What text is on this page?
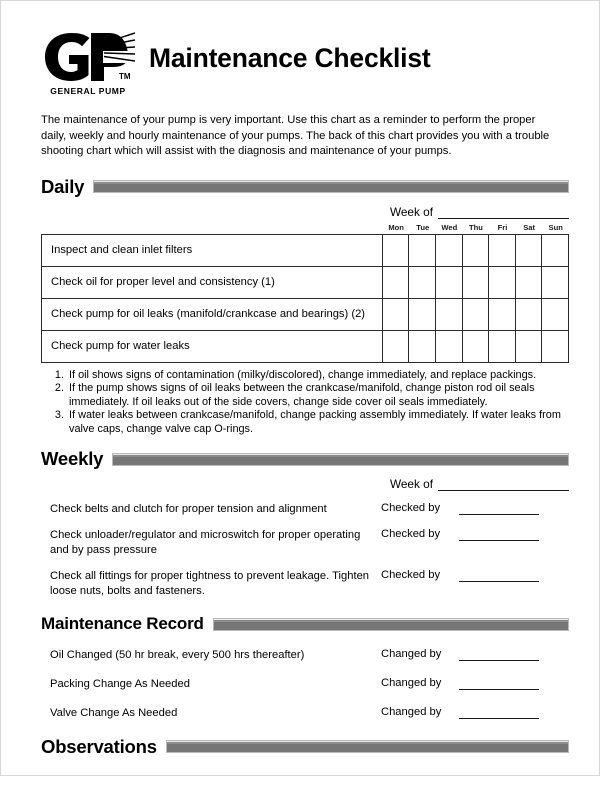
TM
GENERAL PUMP
Maintenance Checklist
The maintenance of your pump is very important. Use this chart as a reminder to perform the proper daily, weekly and hourly maintenance of your pumps. The back of this chart provides you with a trouble shooting chart which will assist with the diagnosis and maintenance of your pumps.
Daily
Week of
Mon	Tue	Wed	Thu	Fri	Sat	Sun
Inspect and clean inlet filters							
Check oil for proper level and consistency (1)							
Check pump for oil leaks (manifold/crankcase and bearings) (2)							
Check pump for water leaks							
1. If oil shows signs of contamination (milky/discolored), change immediately, and replace packings.
2. If the pump shows signs of oil leaks between the crankcase/manifold, change piston rod oil seals immediately. If oil leaks out of the side covers, change side cover oil seals immediately.
3. If water leaks between crankcase/manifold, change packing assembly immediately. If water leaks from valve caps, change valve cap O-rings.
Weekly
Week of
Check belts and clutch for proper tension and alignment	Checked by
Check unloader/regulator and microswitch for proper operating and by pass pressure
Checked by
Check all fittings for proper tightness to prevent leakage. Tighten loose nuts, bolts and fasteners.
Checked by
Maintenance Record
Oil Changed (50 hr break, every 500 hrs thereafter)	Changed by
Packing Change As Needed	Changed by
Valve Change As Needed	Changed by
Observations
